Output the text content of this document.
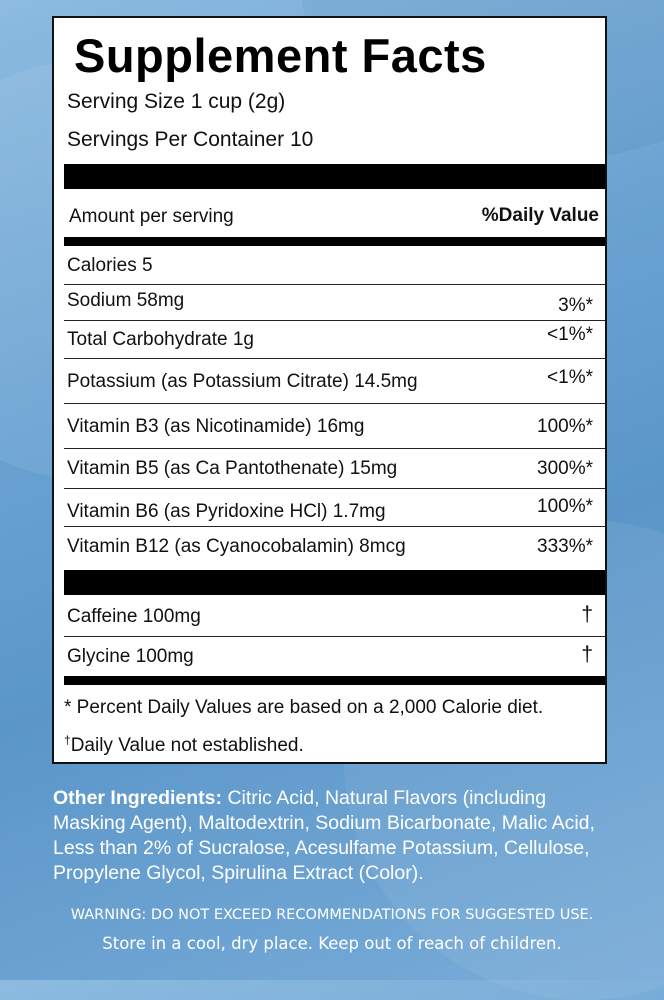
Supplement Facts
Serving Size 1 cup (2g)
Servings Per Container 10
Amount per serving	%Daily Value
Calories 5
Sodium 58mg	3%*
Total Carbohydrate 1g	<1%*
Potassium (as Potassium Citrate) 14.5mg	<1%*
Vitamin B3 (as Nicotinamide) 16mg	100%*
Vitamin B5 (as Ca Pantothenate) 15mg	300%*
Vitamin B6 (as Pyridoxine HCl) 1.7mg	100%*
Vitamin B12 (as Cyanocobalamin) 8mcg	333%*
Caffeine 100mg	†
Glycine 100mg	†
* Percent Daily Values are based on a 2,000 Calorie diet.
†Daily Value not established.

Other Ingredients: Citric Acid, Natural Flavors (including Masking Agent), Maltodextrin, Sodium Bicarbonate, Malic Acid, Less than 2% of Sucralose, Acesulfame Potassium, Cellulose, Propylene Glycol, Spirulina Extract (Color).

WARNING: DO NOT EXCEED RECOMMENDATIONS FOR SUGGESTED USE.
Store in a cool, dry place. Keep out of reach of children.
